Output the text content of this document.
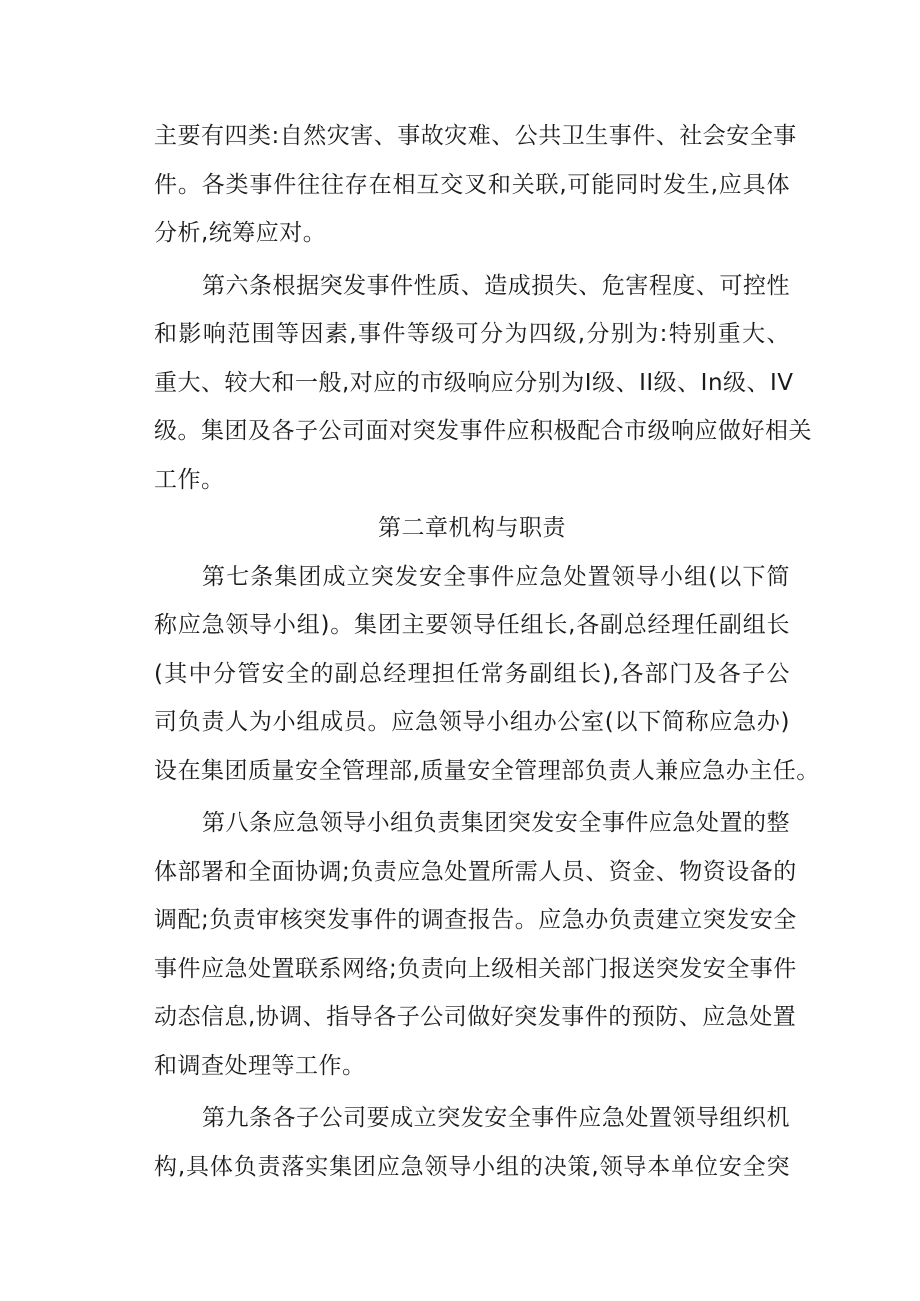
主要有四类:自然灾害、事故灾难、公共卫生事件、社会安全事
件。各类事件往往存在相互交叉和关联,可能同时发生,应具体
分析,统筹应对。
第六条根据突发事件性质、造成损失、危害程度、可控性
和影响范围等因素,事件等级可分为四级,分别为:特别重大、
重大、较大和一般,对应的市级响应分别为I级、II级、In级、IV
级。集团及各子公司面对突发事件应积极配合市级响应做好相关
工作。
第二章机构与职责
第七条集团成立突发安全事件应急处置领导小组(以下简
称应急领导小组)。集团主要领导任组长,各副总经理任副组长
(其中分管安全的副总经理担任常务副组长),各部门及各子公
司负责人为小组成员。应急领导小组办公室(以下简称应急办)
设在集团质量安全管理部,质量安全管理部负责人兼应急办主任。
第八条应急领导小组负责集团突发安全事件应急处置的整
体部署和全面协调;负责应急处置所需人员、资金、物资设备的
调配;负责审核突发事件的调查报告。应急办负责建立突发安全
事件应急处置联系网络;负责向上级相关部门报送突发安全事件
动态信息,协调、指导各子公司做好突发事件的预防、应急处置
和调查处理等工作。
第九条各子公司要成立突发安全事件应急处置领导组织机
构,具体负责落实集团应急领导小组的决策,领导本单位安全突
